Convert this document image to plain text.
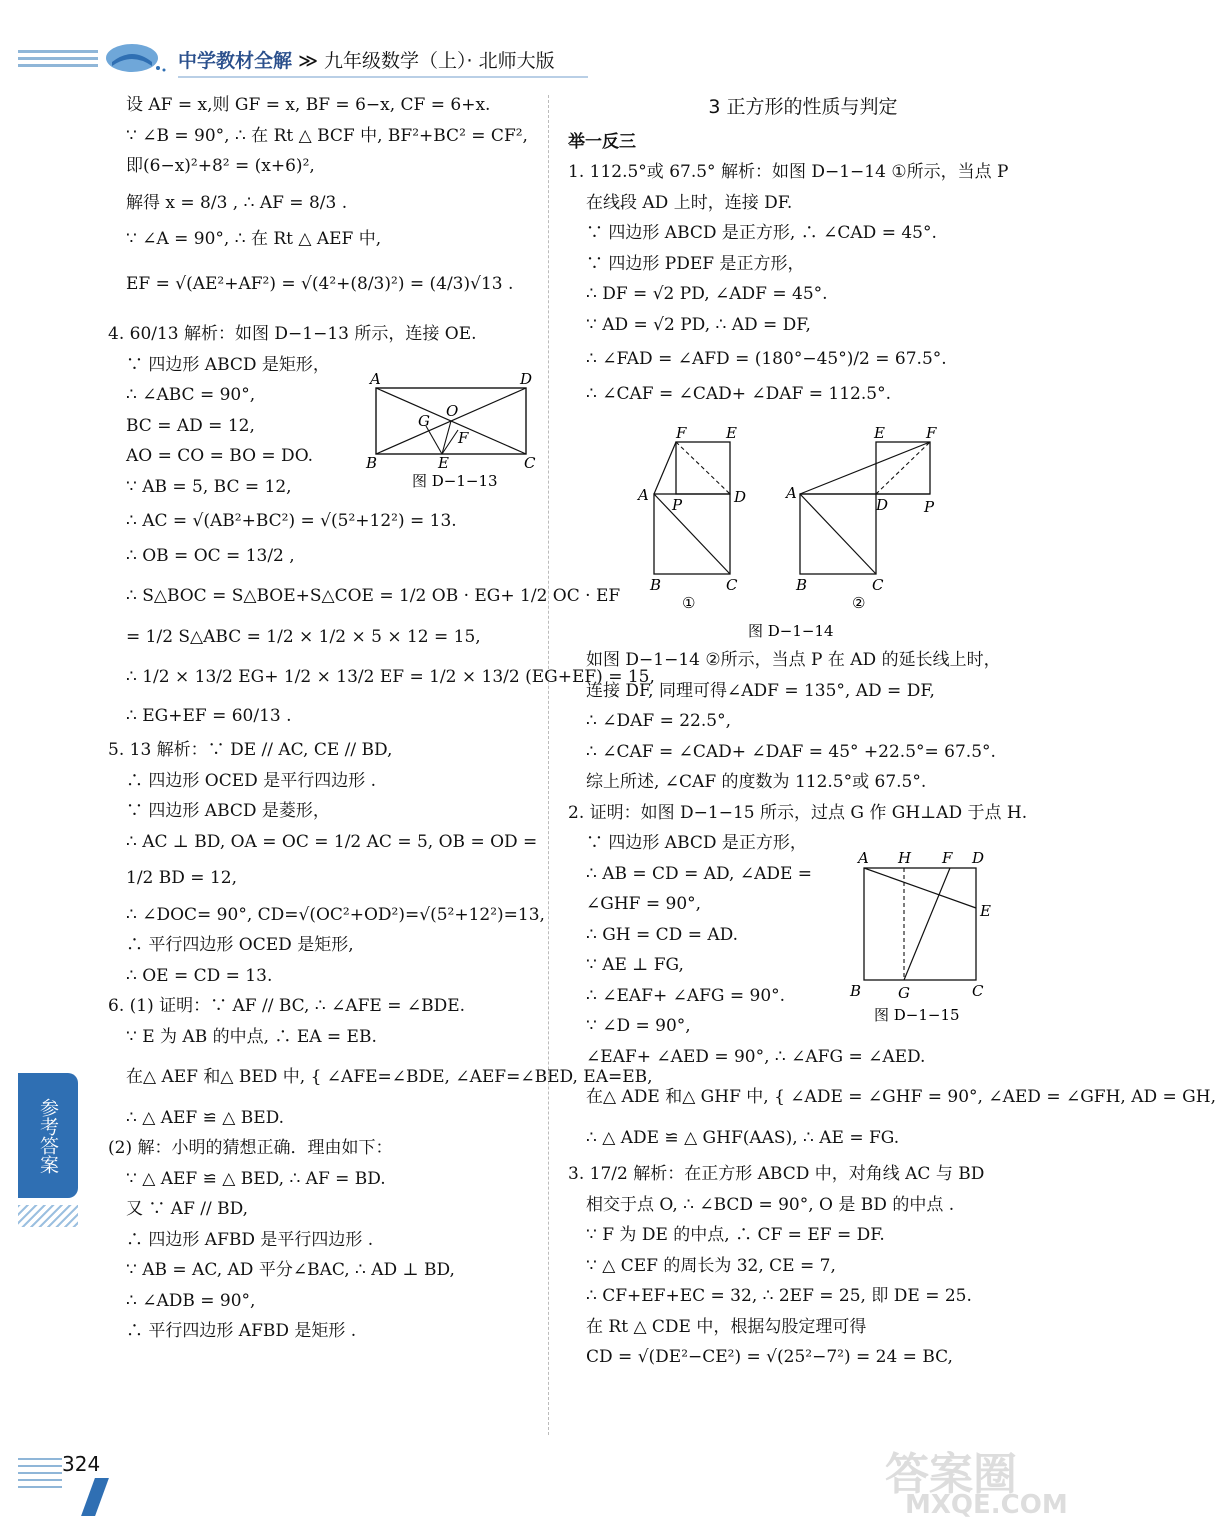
中学教材全解 ≫ 九年级数学（上）· 北师大版

设 AF = x,则 GF = x, BF = 6−x, CF = 6+x.

∵ ∠B = 90°, ∴ 在 Rt △ BCF 中, BF²+BC² = CF²,

即(6−x)²+8² = (x+6)²,

解得 x = 8/3 , ∴ AF = 8/3 .

∵ ∠A = 90°, ∴ 在 Rt △ AEF 中,

EF = √(AE²+AF²) = √(4²+(8/3)²) = (4/3)√13 .

4. 60/13 解析：如图 D−1−13 所示，连接 OE.

∵ 四边形 ABCD 是矩形，

∴ ∠ABC = 90°,

BC = AD = 12,

AO = CO = BO = DO.

∵ AB = 5, BC = 12,

∴ AC = √(AB²+BC²) = √(5²+12²) = 13.

∴ OB = OC = 13/2 ,

∴ S△BOC = S△BOE+S△COE = 1/2 OB · EG+ 1/2 OC · EF

= 1/2 S△ABC = 1/2 × 1/2 × 5 × 12 = 15,

∴ 1/2 × 13/2 EG+ 1/2 × 13/2 EF = 1/2 × 13/2 (EG+EF) = 15,

∴ EG+EF = 60/13 .

5. 13 解析：∵ DE // AC, CE // BD,

∴ 四边形 OCED 是平行四边形 .

∵ 四边形 ABCD 是菱形，

∴ AC ⊥ BD, OA = OC = 1/2 AC = 5, OB = OD =

1/2 BD = 12,

∴ ∠DOC= 90°, CD=√(OC²+OD²)=√(5²+12²)=13,

∴ 平行四边形 OCED 是矩形,

∴ OE = CD = 13.

6. (1) 证明：∵ AF // BC, ∴ ∠AFE = ∠BDE.

∵ E 为 AB 的中点, ∴ EA = EB.

在△ AEF 和△ BED 中, { ∠AFE=∠BDE, ∠AEF=∠BED, EA=EB,

∴ △ AEF ≌ △ BED.

(2) 解：小明的猜想正确．理由如下：

∵ △ AEF ≌ △ BED, ∴ AF = BD.

又 ∵ AF // BD,

∴ 四边形 AFBD 是平行四边形 .

∵ AB = AC, AD 平分∠BAC, ∴ AD ⊥ BD,

∴ ∠ADB = 90°,

∴ 平行四边形 AFBD 是矩形 .

A	D
O
G
F
B	E	C
图 D−1−13

3 正方形的性质与判定

举一反三

1. 112.5°或 67.5° 解析：如图 D−1−14 ①所示，当点 P

在线段 AD 上时，连接 DF.

∵ 四边形 ABCD 是正方形, ∴ ∠CAD = 45°.

∵ 四边形 PDEF 是正方形，

∴ DF = √2 PD, ∠ADF = 45°.

∵ AD = √2 PD, ∴ AD = DF,

∴ ∠FAD = ∠AFD = (180°−45°)/2 = 67.5°.

∴ ∠CAF = ∠CAD+ ∠DAF = 112.5°.

如图 D−1−14 ②所示，当点 P 在 AD 的延长线上时，

连接 DF, 同理可得∠ADF = 135°, AD = DF,

∴ ∠DAF = 22.5°,

∴ ∠CAF = ∠CAD+ ∠DAF = 45° +22.5°= 67.5°.

综上所述, ∠CAF 的度数为 112.5°或 67.5°.

2. 证明：如图 D−1−15 所示，过点 G 作 GH⊥AD 于点 H.

∵ 四边形 ABCD 是正方形，

∴ AB = CD = AD, ∠ADE =

∠GHF = 90°,

∴ GH = CD = AD.

∵ AE ⊥ FG,

∴ ∠EAF+ ∠AFG = 90°.

∵ ∠D = 90°,

∠EAF+ ∠AED = 90°, ∴ ∠AFG = ∠AED.

在△ ADE 和△ GHF 中, { ∠ADE = ∠GHF = 90°, ∠AED = ∠GFH, AD = GH,

∴ △ ADE ≌ △ GHF(AAS), ∴ AE = FG.

3. 17/2 解析：在正方形 ABCD 中，对角线 AC 与 BD

相交于点 O, ∴ ∠BCD = 90°, O 是 BD 的中点 .

∵ F 为 DE 的中点, ∴ CF = EF = DF.

∵ △ CEF 的周长为 32, CE = 7,

∴ CF+EF+EC = 32, ∴ 2EF = 25, 即 DE = 25.

在 Rt △ CDE 中，根据勾股定理可得

CD = √(DE²−CE²) = √(25²−7²) = 24 = BC,

F	E
A
P	D
B	C
①
E	F
A
D P
B	C
②
图 D−1−14
A H F D
E
B G	C
图 D−1−15
参考答案
324	答案圈
MXQE.COM
